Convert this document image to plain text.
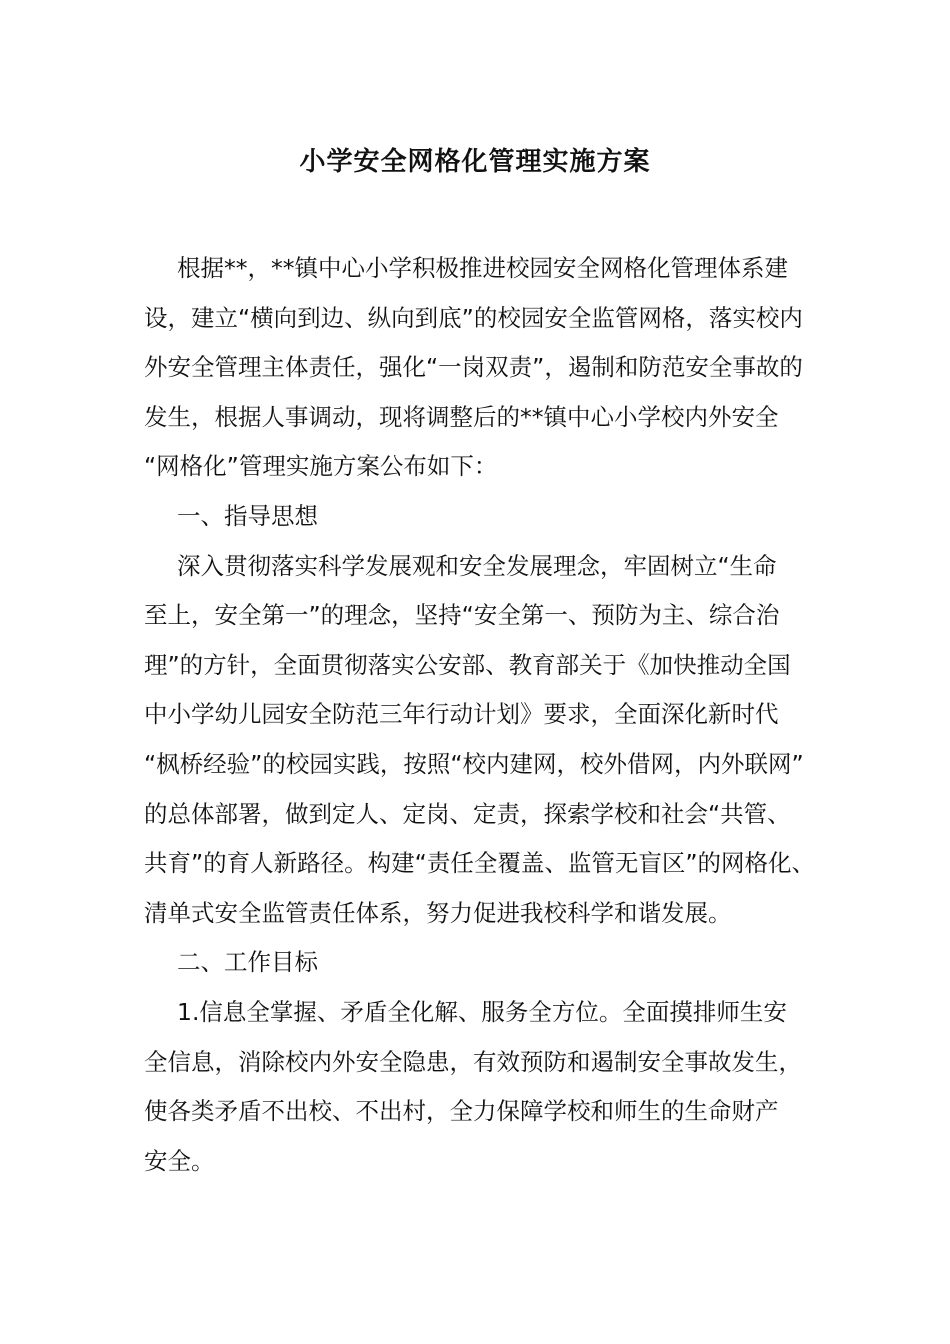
小学安全网格化管理实施方案
根据**，**镇中心小学积极推进校园安全网格化管理体系建
设，建立“横向到边、纵向到底”的校园安全监管网格，落实校内
外安全管理主体责任，强化“一岗双责”，遏制和防范安全事故的
发生，根据人事调动，现将调整后的**镇中心小学校内外安全
“网格化”管理实施方案公布如下：
一、指导思想
深入贯彻落实科学发展观和安全发展理念，牢固树立“生命
至上，安全第一”的理念，坚持“安全第一、预防为主、综合治
理”的方针，全面贯彻落实公安部、教育部关于《加快推动全国
中小学幼儿园安全防范三年行动计划》要求，全面深化新时代
“枫桥经验”的校园实践，按照“校内建网，校外借网，内外联网”
的总体部署，做到定人、定岗、定责，探索学校和社会“共管、
共育”的育人新路径。构建“责任全覆盖、监管无盲区”的网格化、
清单式安全监管责任体系，努力促进我校科学和谐发展。
二、工作目标
1.信息全掌握、矛盾全化解、服务全方位。全面摸排师生安
全信息，消除校内外安全隐患，有效预防和遏制安全事故发生，
使各类矛盾不出校、不出村，全力保障学校和师生的生命财产
安全。
